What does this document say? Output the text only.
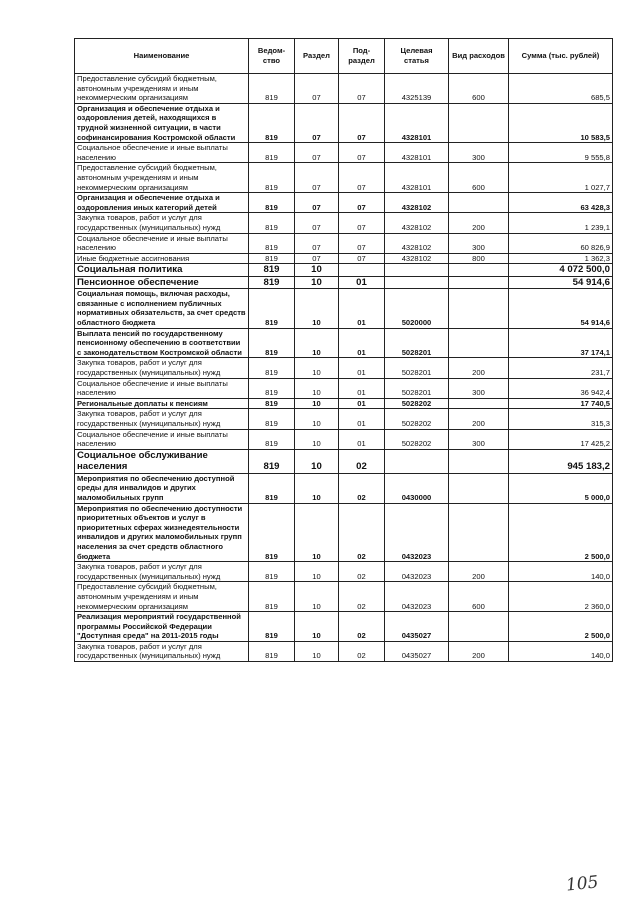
Наименование	Ведом-ство	Раздел	Под-раздел	Целевая статья	Вид расходов	Сумма (тыс. рублей)
Предоставление субсидий бюджетным, автономным учреждениям и иным некоммерческим организациям	819	07	07	4325139	600	685,5
Организация и обеспечение отдыха и оздоровления детей, находящихся в трудной жизненной ситуации, в части софинансирования Костромской области	819	07	07	4328101		10 583,5
Социальное обеспечение и иные выплаты населению	819	07	07	4328101	300	9 555,8
Предоставление субсидий бюджетным, автономным учреждениям и иным некоммерческим организациям	819	07	07	4328101	600	1 027,7
Организация и обеспечение отдыха и оздоровления иных категорий детей	819	07	07	4328102		63 428,3
Закупка товаров, работ и услуг для государственных (муниципальных) нужд	819	07	07	4328102	200	1 239,1
Социальное обеспечение и иные выплаты населению	819	07	07	4328102	300	60 826,9
Иные бюджетные ассигнования	819	07	07	4328102	800	1 362,3
Социальная политика	819	10				4 072 500,0
Пенсионное обеспечение	819	10	01			54 914,6
Социальная помощь, включая расходы, связанные с исполнением публичных нормативных обязательств, за счет средств областного бюджета	819	10	01	5020000		54 914,6
Выплата пенсий по государственному пенсионному обеспечению в соответствии с законодательством Костромской области	819	10	01	5028201		37 174,1
Закупка товаров, работ и услуг для государственных (муниципальных) нужд	819	10	01	5028201	200	231,7
Социальное обеспечение и иные выплаты населению	819	10	01	5028201	300	36 942,4
Региональные доплаты к пенсиям	819	10	01	5028202		17 740,5
Закупка товаров, работ и услуг для государственных (муниципальных) нужд	819	10	01	5028202	200	315,3
Социальное обеспечение и иные выплаты населению	819	10	01	5028202	300	17 425,2
Социальное обслуживание населения	819	10	02			945 183,2
Мероприятия по обеспечению доступной среды для инвалидов и других маломобильных групп	819	10	02	0430000		5 000,0
Мероприятия по обеспечению доступности приоритетных объектов и услуг в приоритетных сферах жизнедеятельности инвалидов и других маломобильных групп населения за счет средств областного бюджета	819	10	02	0432023		2 500,0
Закупка товаров, работ и услуг для государственных (муниципальных) нужд	819	10	02	0432023	200	140,0
Предоставление субсидий бюджетным, автономным учреждениям и иным некоммерческим организациям	819	10	02	0432023	600	2 360,0
Реализация мероприятий государственной программы Российской Федерации "Доступная среда" на 2011-2015 годы	819	10	02	0435027		2 500,0
Закупка товаров, работ и услуг для государственных (муниципальных) нужд	819	10	02	0435027	200	140,0
105
